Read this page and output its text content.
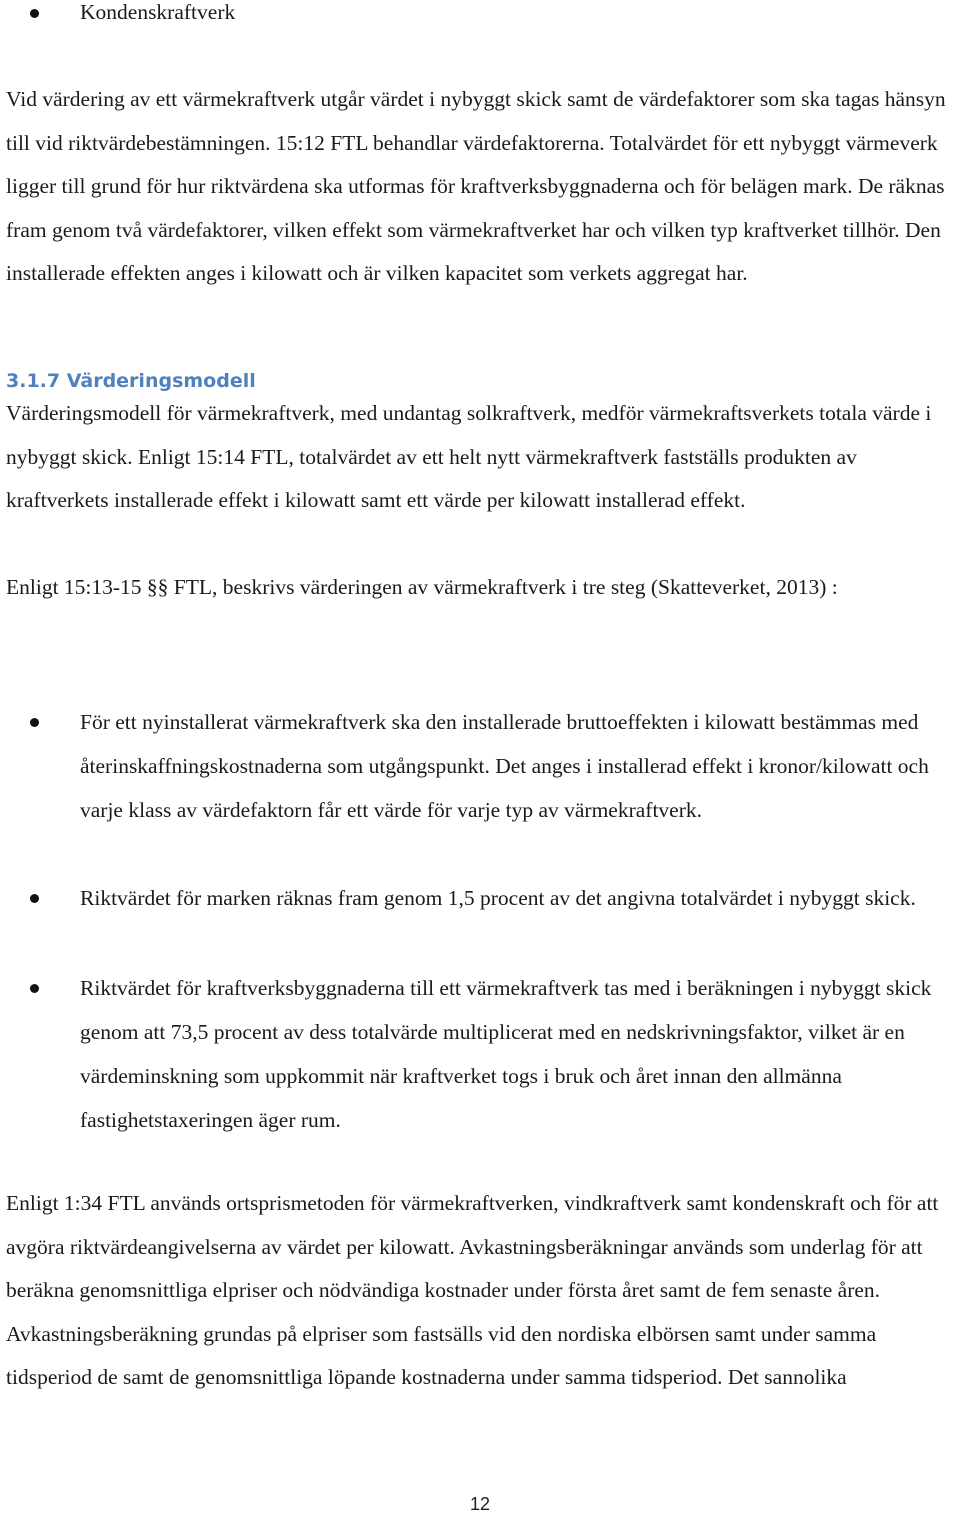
Kondenskraftverk

Vid värdering av ett värmekraftverk utgår värdet i nybyggt skick samt de värdefaktorer som ska tagas hänsyn till vid riktvärdebestämningen. 15:12 FTL behandlar värdefaktorerna. Totalvärdet för ett nybyggt värmeverk ligger till grund för hur riktvärdena ska utformas för kraftverksbyggnaderna och för belägen mark. De räknas fram genom två värdefaktorer, vilken effekt som värmekraftverket har och vilken typ kraftverket tillhör. Den installerade effekten anges i kilowatt och är vilken kapacitet som verkets aggregat har.

3.1.7 Värderingsmodell

Värderingsmodell för värmekraftverk, med undantag solkraftverk, medför värmekraftsverkets totala värde i nybyggt skick. Enligt 15:14 FTL, totalvärdet av ett helt nytt värmekraftverk fastställs produkten av kraftverkets installerade effekt i kilowatt samt ett värde per kilowatt installerad effekt.

Enligt 15:13-15 §§ FTL, beskrivs värderingen av värmekraftverk i tre steg (Skatteverket, 2013) :

För ett nyinstallerat värmekraftverk ska den installerade bruttoeffekten i kilowatt bestämmas med återinskaffningskostnaderna som utgångspunkt. Det anges i installerad effekt i kronor/kilowatt och varje klass av värdefaktorn får ett värde för varje typ av värmekraftverk.

Riktvärdet för marken räknas fram genom 1,5 procent av det angivna totalvärdet i nybyggt skick.

Riktvärdet för kraftverksbyggnaderna till ett värmekraftverk tas med i beräkningen i nybyggt skick genom att 73,5 procent av dess totalvärde multiplicerat med en nedskrivningsfaktor, vilket är en värdeminskning som uppkommit när kraftverket togs i bruk och året innan den allmänna fastighetstaxeringen äger rum.

Enligt 1:34 FTL används ortsprismetoden för värmekraftverken, vindkraftverk samt kondenskraft och för att avgöra riktvärdeangivelserna av värdet per kilowatt. Avkastningsberäkningar används som underlag för att beräkna genomsnittliga elpriser och nödvändiga kostnader under första året samt de fem senaste åren. Avkastningsberäkning grundas på elpriser som fastsälls vid den nordiska elbörsen samt under samma tidsperiod de samt de genomsnittliga löpande kostnaderna under samma tidsperiod. Det sannolika

12
